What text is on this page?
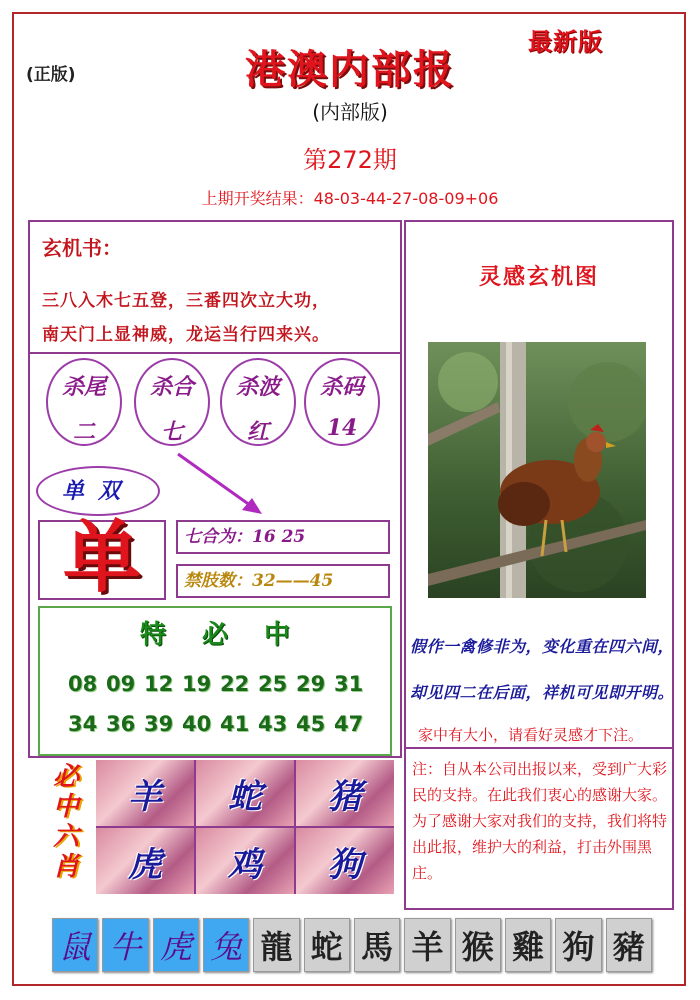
(正版)
最新版
港澳内部报
(内部版)
第272期
上期开奖结果：48-03-44-27-08-09+06
玄机书：
三八入木七五登，三番四次立大功，
南天门上显神威，龙运当行四来兴。
杀尾
二
杀合
七
杀波
红
杀码
14
单双
单	七合为：16 25
禁肢数：32——45
特必中
08 09 12 19 22 25 29 31
34 36 39 40 41 43 45 47
必中六肖
羊	蛇	猪
虎	鸡	狗
灵感玄机图
假作一禽修非为，变化重在四六间，
却见四二在后面，祥机可见即开明。
家中有大小，请看好灵感才下注。
注：自从本公司出报以来，受到广大彩民的支持。在此我们衷心的感谢大家。为了感谢大家对我们的支持，我们将特出此报，维护大的利益，打击外围黑庄。
鼠 牛 虎 兔 龍 蛇 馬 羊 猴 雞 狗 豬
